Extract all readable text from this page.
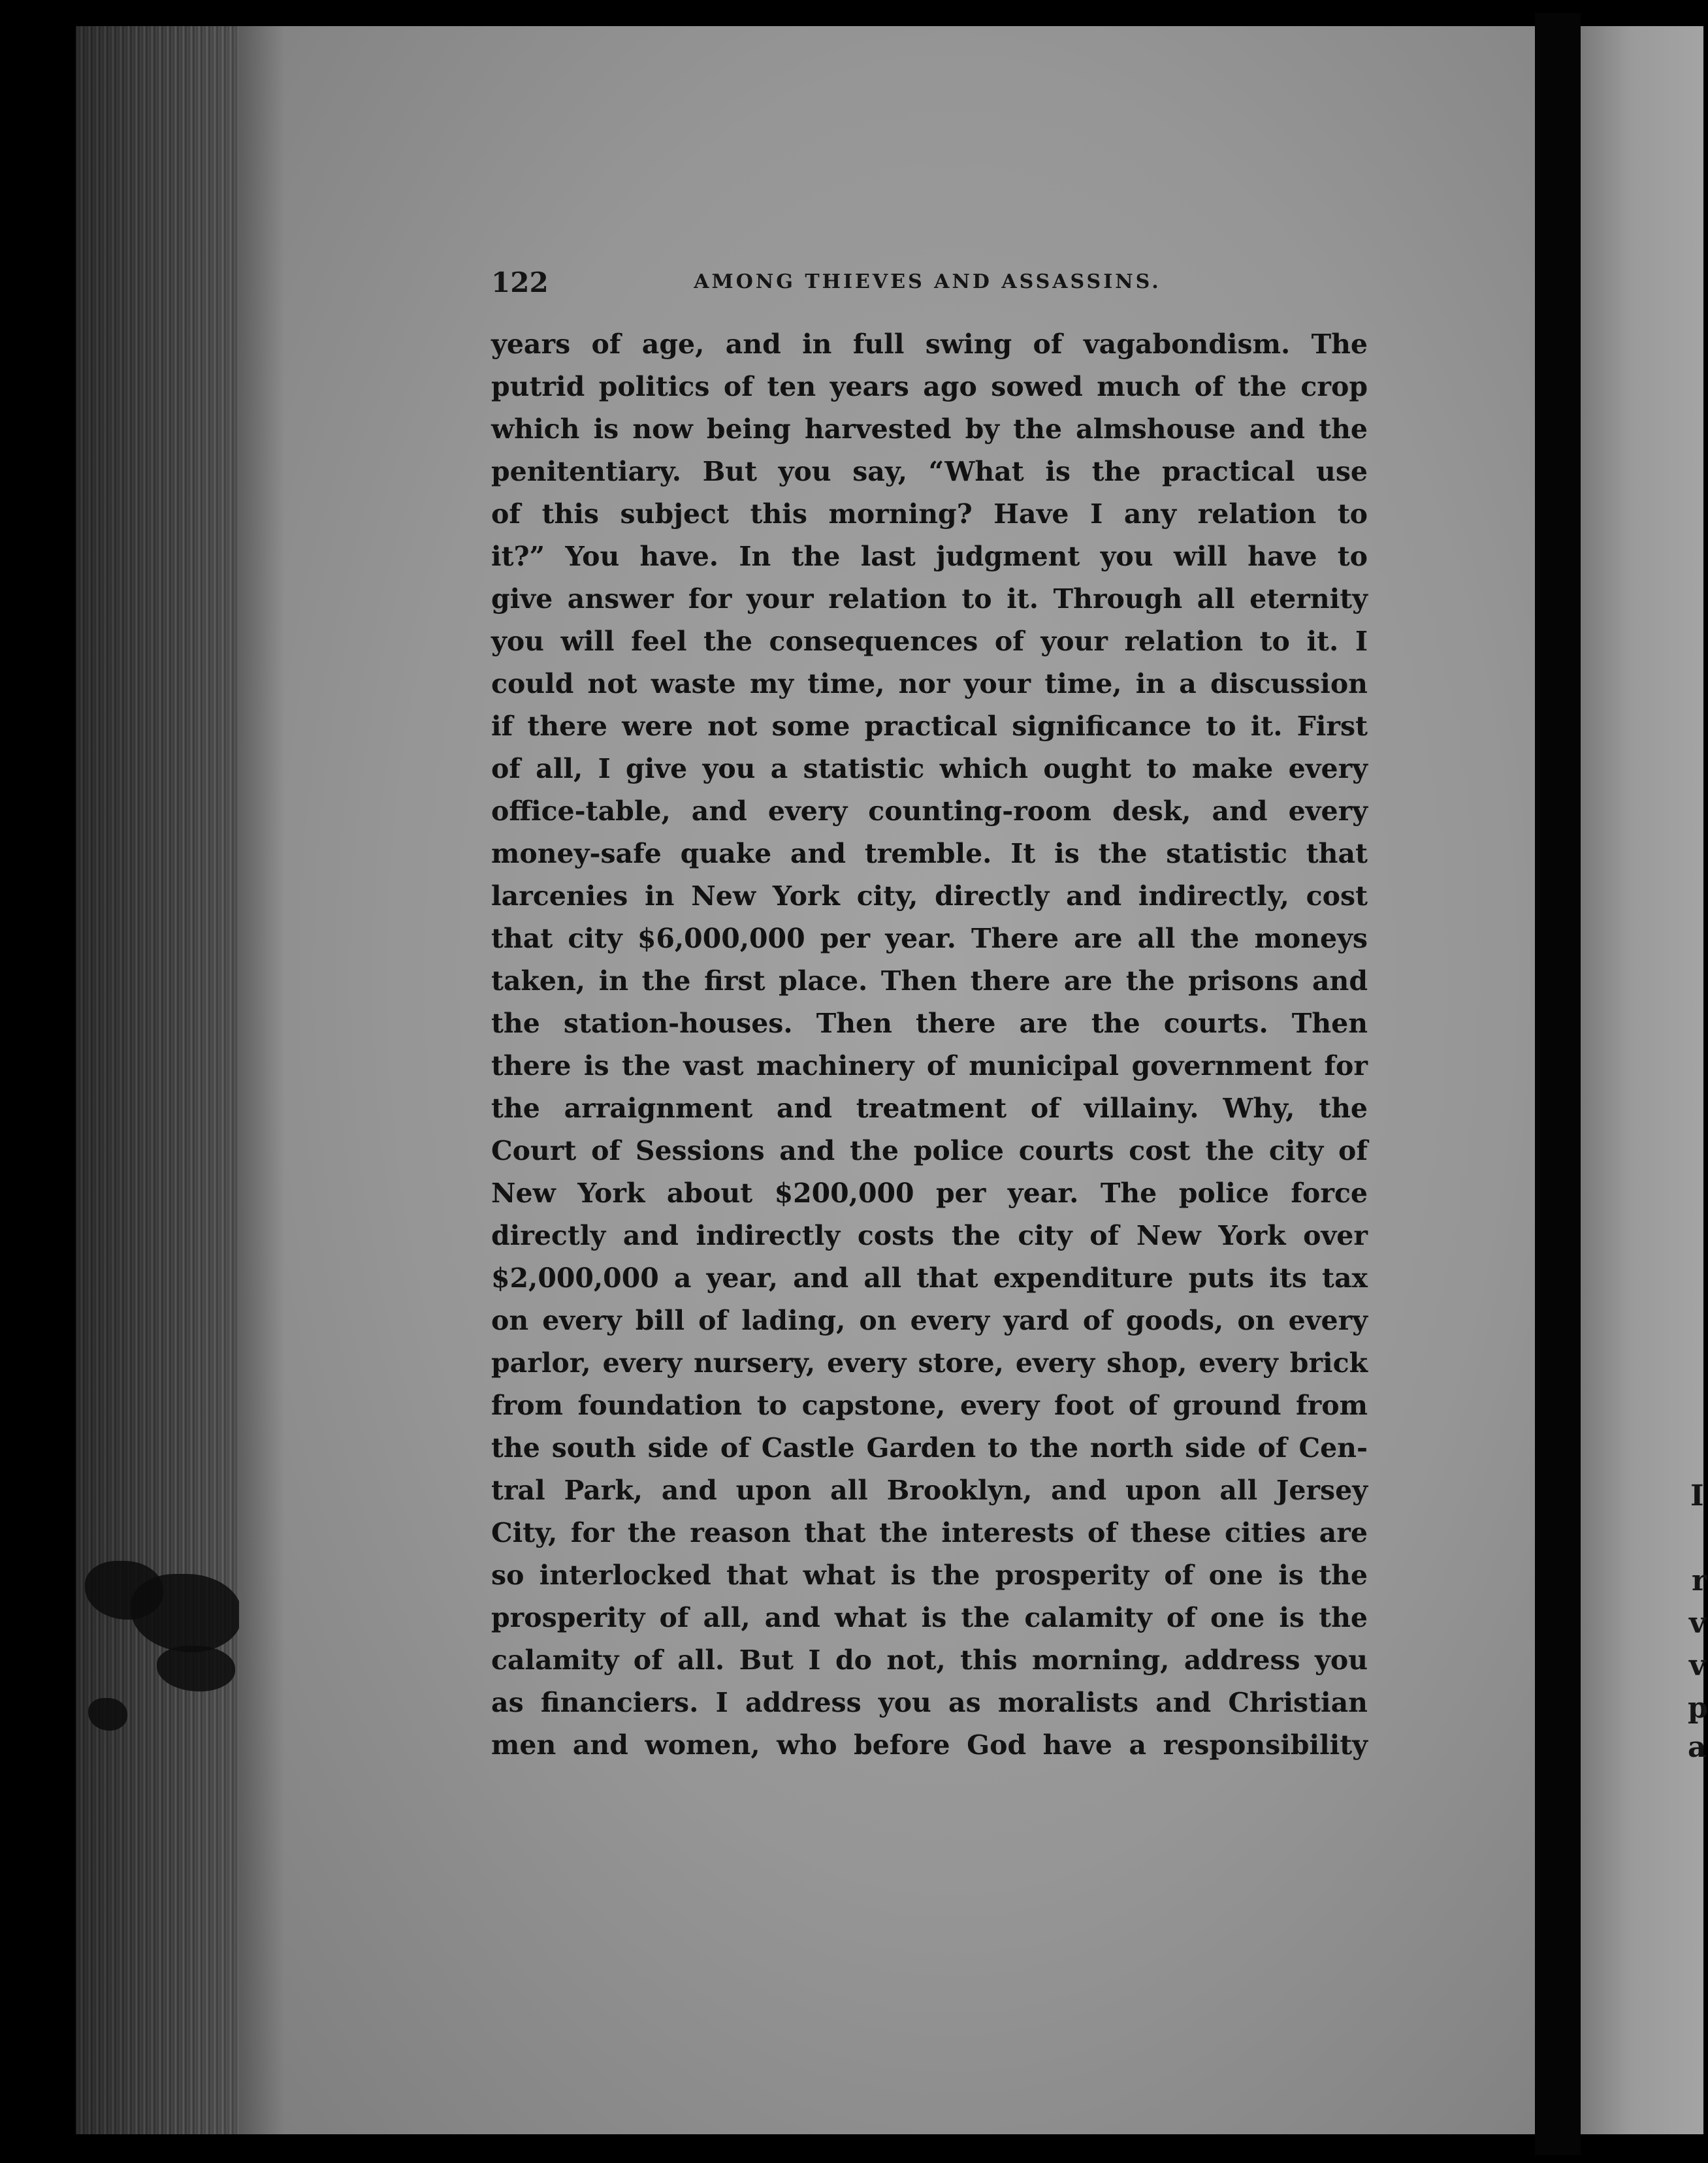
122	AMONG THIEVES AND ASSASSINS.
years of age, and in full swing of vagabondism. The
putrid politics of ten years ago sowed much of the crop
which is now being harvested by the almshouse and the
penitentiary. But you say, “What is the practical use
of this subject this morning? Have I any relation to
it?” You have. In the last judgment you will have to
give answer for your relation to it. Through all eternity
you will feel the consequences of your relation to it. I
could not waste my time, nor your time, in a discussion
if there were not some practical significance to it. First
of all, I give you a statistic which ought to make every
office-table, and every counting-room desk, and every
money-safe quake and tremble. It is the statistic that
larcenies in New York city, directly and indirectly, cost
that city $6,000,000 per year. There are all the moneys
taken, in the first place. Then there are the prisons and
the station-houses. Then there are the courts. Then
there is the vast machinery of municipal government for
the arraignment and treatment of villainy. Why, the
Court of Sessions and the police courts cost the city of
New York about $200,000 per year. The police force
directly and indirectly costs the city of New York over
$2,000,000 a year, and all that expenditure puts its tax
on every bill of lading, on every yard of goods, on every
parlor, every nursery, every store, every shop, every brick
from foundation to capstone, every foot of ground from
the south side of Castle Garden to the north side of Cen-
tral Park, and upon all Brooklyn, and upon all Jersey
City, for the reason that the interests of these cities are
so interlocked that what is the prosperity of one is the
prosperity of all, and what is the calamity of one is the
calamity of all. But I do not, this morning, address you
as financiers. I address you as moralists and Christian
men and women, who before God have a responsibility
I
r
v
v
p
a
